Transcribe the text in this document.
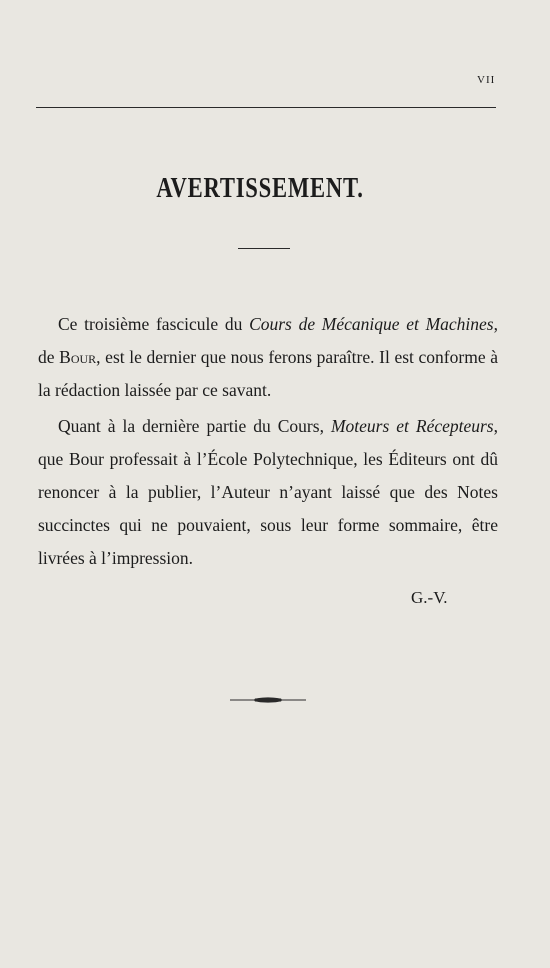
VII
AVERTISSEMENT.
Ce troisième fascicule du Cours de Mécanique et Machines, de Bour, est le dernier que nous ferons paraître. Il est conforme à la rédaction laissée par ce savant.
Quant à la dernière partie du Cours, Moteurs et Récepteurs, que Bour professait à l’École Polytechnique, les Éditeurs ont dû renoncer à la publier, l’Auteur n’ayant laissé que des Notes succinctes qui ne pouvaient, sous leur forme sommaire, être livrées à l’impression.
G.-V.
